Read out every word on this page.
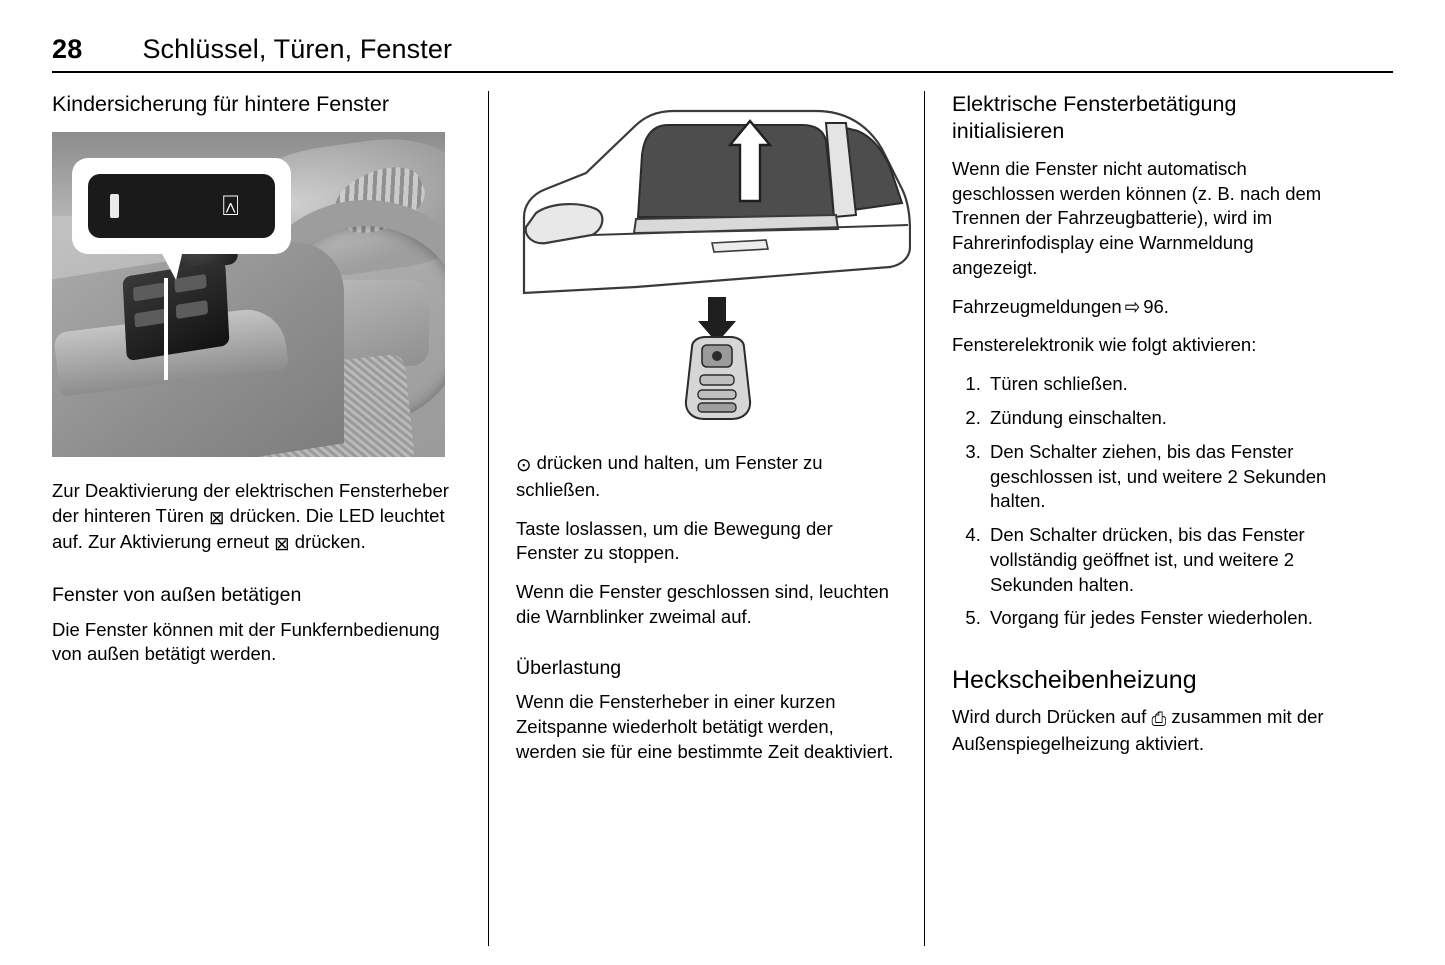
28 Schlüssel, Türen, Fenster
Kindersicherung für hintere Fenster
⍓

Zur Deaktivierung der elektrischen Fensterheber der hinteren Türen ⊠ drücken. Die LED leuchtet auf. Zur Aktivierung erneut ⊠ drücken.

Fenster von außen betätigen

Die Fenster können mit der Funkfernbedienung von außen betätigt werden.

⊙ drücken und halten, um Fenster zu schließen.

Taste loslassen, um die Bewegung der Fenster zu stoppen.

Wenn die Fenster geschlossen sind, leuchten die Warnblinker zweimal auf.

Überlastung

Wenn die Fensterheber in einer kurzen Zeitspanne wiederholt betätigt werden, werden sie für eine bestimmte Zeit deaktiviert.

Elektrische Fensterbetätigung initialisieren

Wenn die Fenster nicht automatisch geschlossen werden können (z. B. nach dem Trennen der Fahrzeugbatterie), wird im Fahrerinfodisplay eine Warnmeldung angezeigt.

Fahrzeugmeldungen ⇨ 96.

Fensterelektronik wie folgt aktivieren:

1. Türen schließen.
2. Zündung einschalten.
3. Den Schalter ziehen, bis das Fenster geschlossen ist, und weitere 2 Sekunden halten.
4. Den Schalter drücken, bis das Fenster vollständig geöffnet ist, und weitere 2 Sekunden halten.
5. Vorgang für jedes Fenster wiederholen.
Heckscheibenheizung

Wird durch Drücken auf ⎙ zusammen mit der Außenspiegelheizung aktiviert.
